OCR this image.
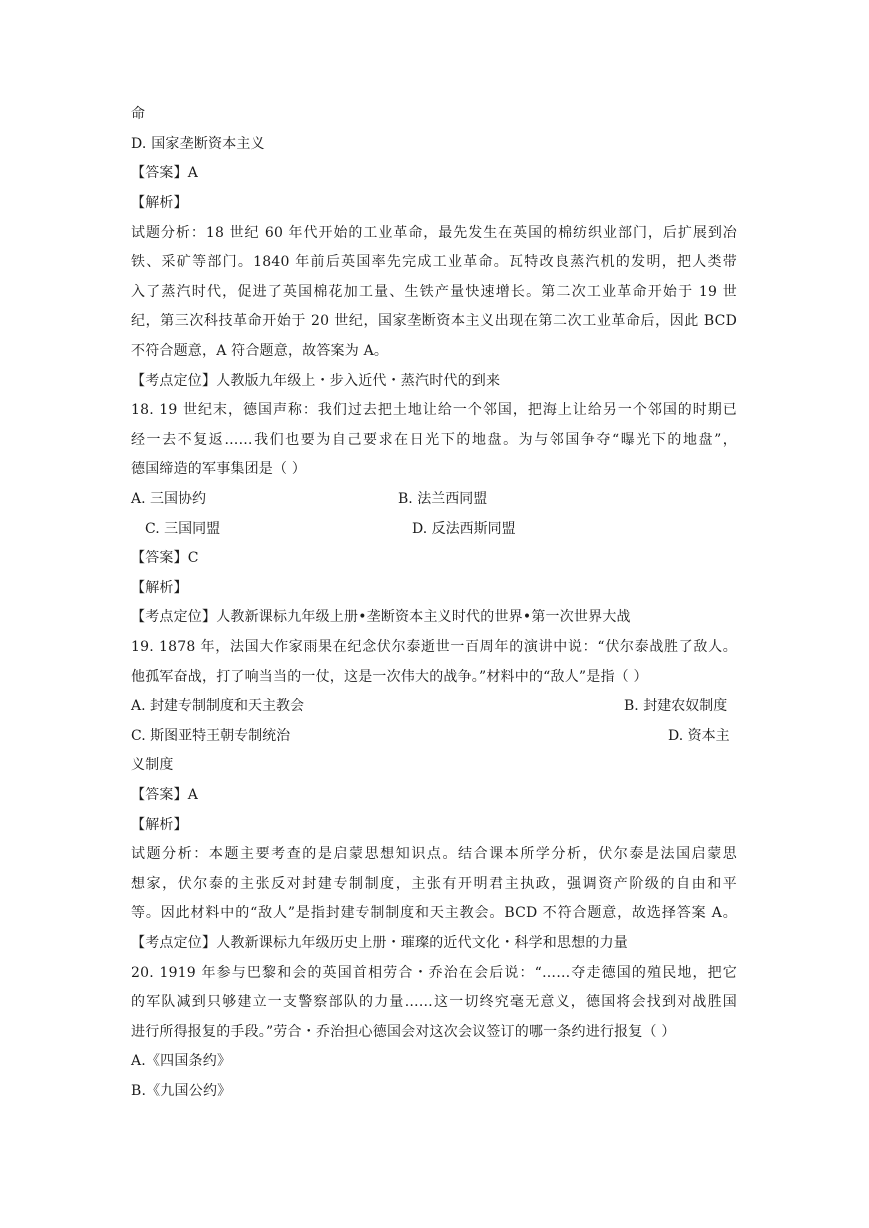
命
D. 国家垄断资本主义
【答案】A
【解析】
试题分析：18 世纪 60 年代开始的工业革命，最先发生在英国的棉纺织业部门，后扩展到冶
铁、采矿等部门。1840 年前后英国率先完成工业革命。瓦特改良蒸汽机的发明，把人类带
入了蒸汽时代，促进了英国棉花加工量、生铁产量快速增长。第二次工业革命开始于 19 世
纪，第三次科技革命开始于 20 世纪，国家垄断资本主义出现在第二次工业革命后，因此 BCD
不符合题意，A 符合题意，故答案为 A。
【考点定位】人教版九年级上・步入近代・蒸汽时代的到来
18. 19 世纪末，德国声称：我们过去把土地让给一个邻国，把海上让给另一个邻国的时期已
经一去不复返……我们也要为自己要求在日光下的地盘。为与邻国争夺“曝光下的地盘”，
德国缔造的军事集团是（ ）
A. 三国协约	B. 法兰西同盟
C. 三国同盟	D. 反法西斯同盟
【答案】C
【解析】
【考点定位】人教新课标九年级上册•垄断资本主义时代的世界•第一次世界大战
19. 1878 年，法国大作家雨果在纪念伏尔泰逝世一百周年的演讲中说：“伏尔泰战胜了敌人。
他孤军奋战，打了响当当的一仗，这是一次伟大的战争。”材料中的“敌人”是指（ ）
A. 封建专制制度和天主教会	B. 封建农奴制度
C. 斯图亚特王朝专制统治	D. 资本主
义制度
【答案】A
【解析】
试题分析：本题主要考查的是启蒙思想知识点。结合课本所学分析，伏尔泰是法国启蒙思
想家，伏尔泰的主张反对封建专制制度，主张有开明君主执政，强调资产阶级的自由和平
等。因此材料中的“敌人”是指封建专制制度和天主教会。BCD 不符合题意，故选择答案 A。
【考点定位】人教新课标九年级历史上册・璀璨的近代文化・科学和思想的力量
20. 1919 年参与巴黎和会的英国首相劳合・乔治在会后说：“……夺走德国的殖民地，把它
的军队减到只够建立一支警察部队的力量……这一切终究毫无意义，德国将会找到对战胜国
进行所得报复的手段。”劳合・乔治担心德国会对这次会议签订的哪一条约进行报复（ ）
A.《四国条约》
B.《九国公约》
